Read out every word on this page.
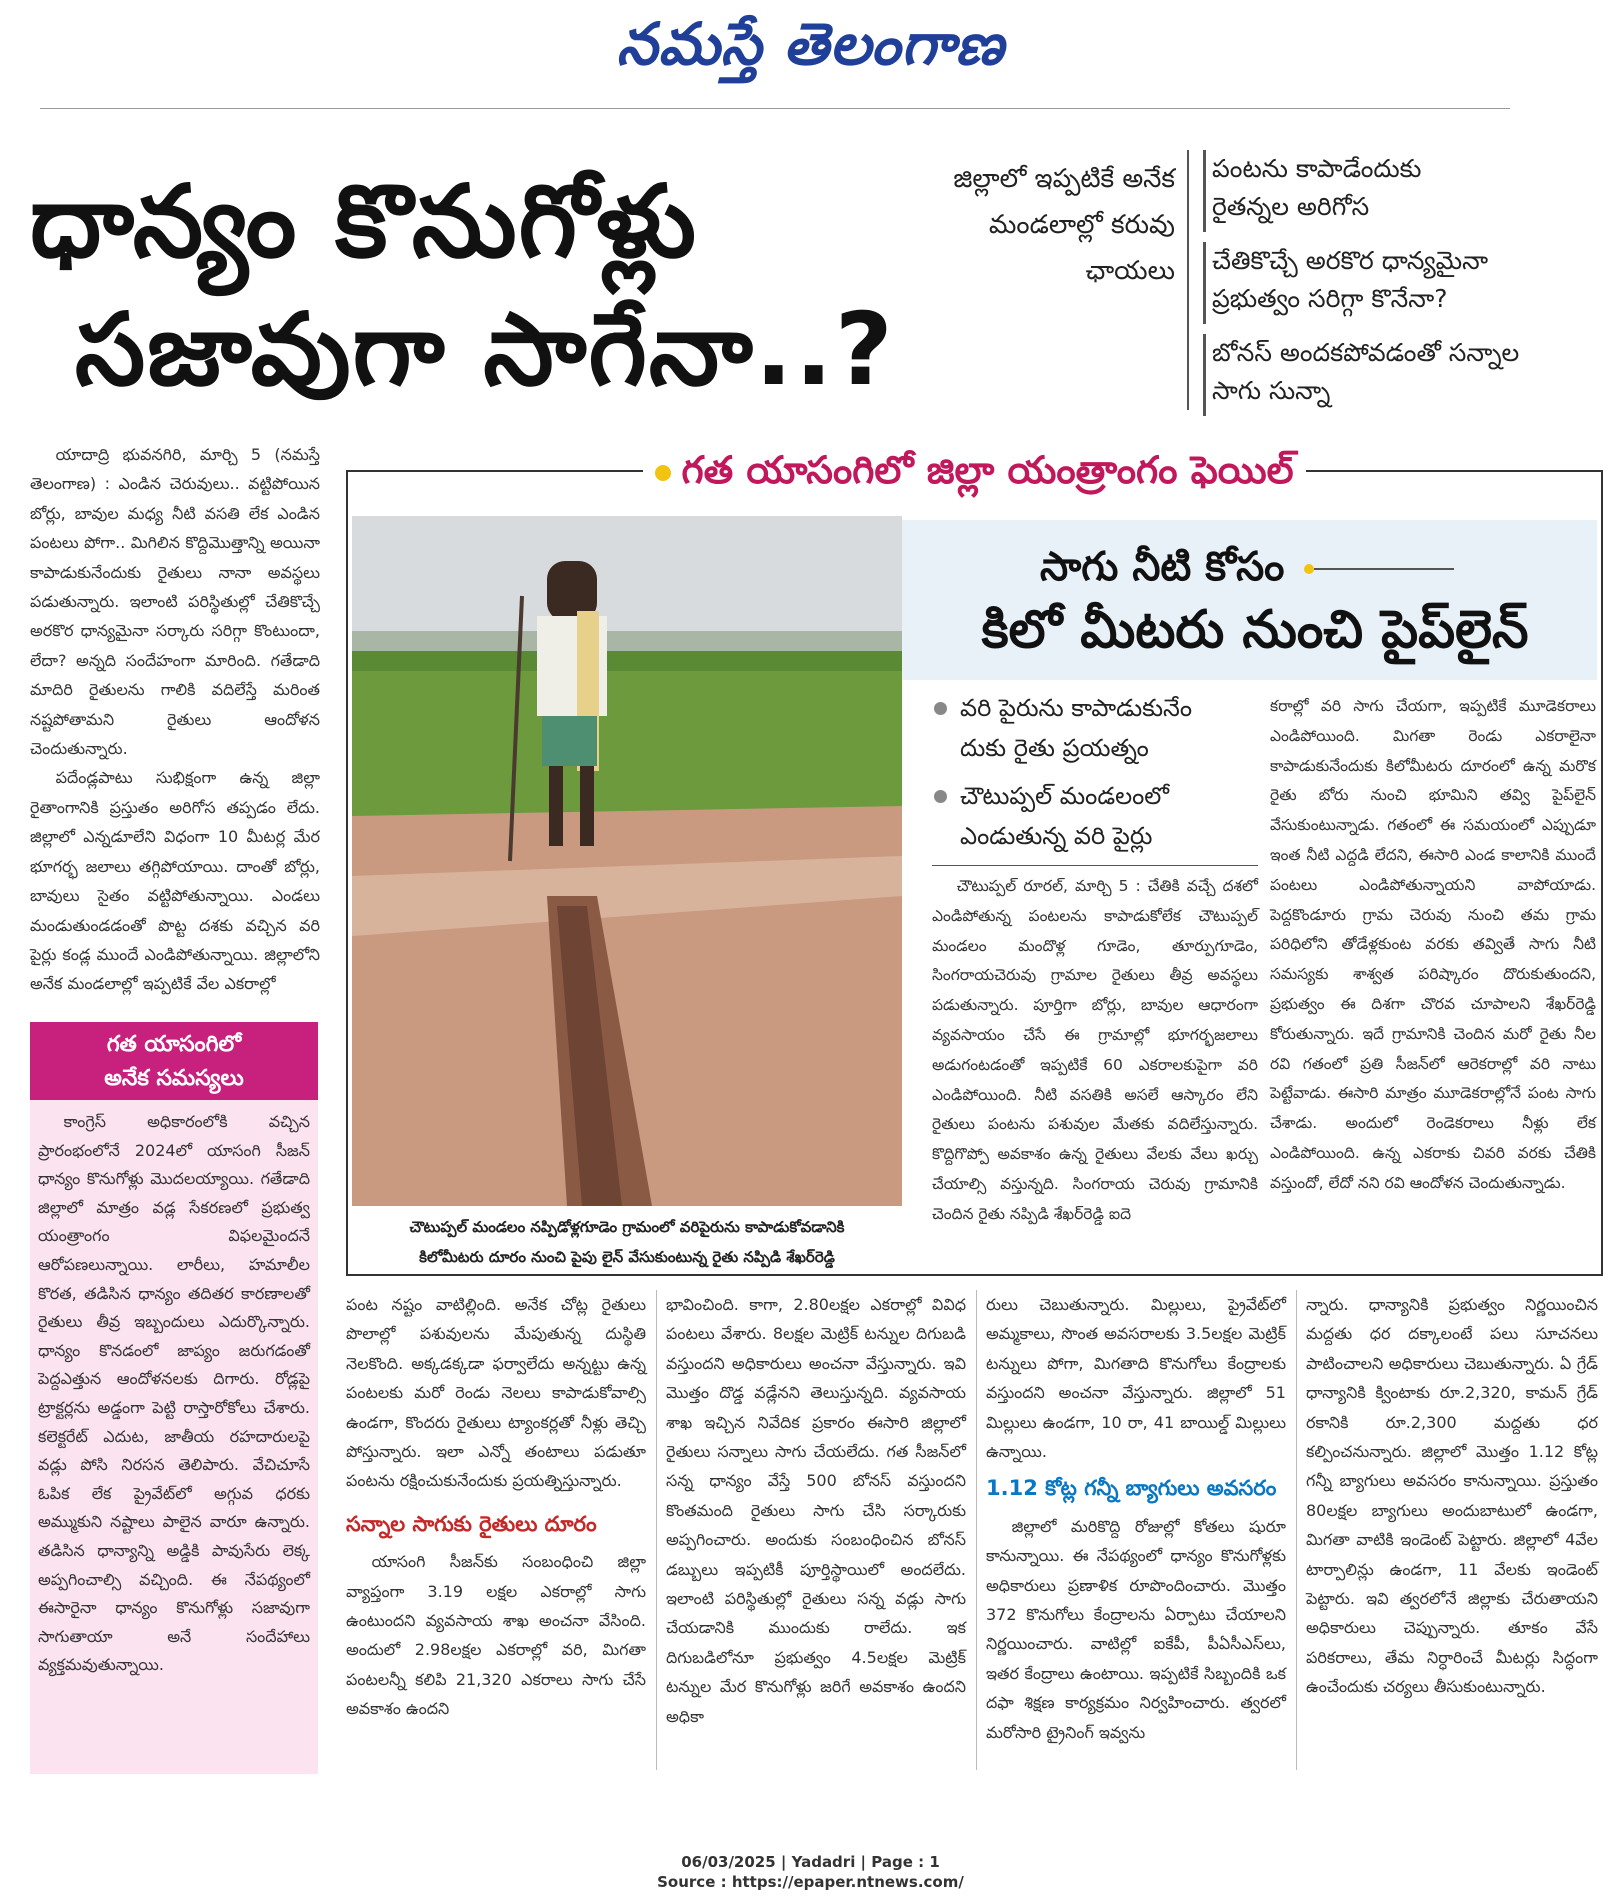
నమస్తే తెలంగాణ
ధాన్యం కొనుగోళ్లు
సజావుగా సాగేనా..?
జిల్లాలో ఇప్పటికే అనేక
మండలాల్లో కరువు
ఛాయలు
పంటను కాపాడేందుకు
రైతన్నల అరిగోస
చేతికొచ్చే అరకొర ధాన్యమైనా
ప్రభుత్వం సరిగ్గా కొనేనా?
బోనస్ అందకపోవడంతో సన్నాల
సాగు సున్నా

యాదాద్రి భువనగిరి, మార్చి 5 (నమస్తే తెలంగాణ) : ఎండిన చెరువులు.. వట్టిపోయిన బోర్లు, బావుల మధ్య నీటి వసతి లేక ఎండిన పంటలు పోగా.. మిగిలిన కొద్దిమొత్తాన్ని అయినా కాపాడుకునేందుకు రైతులు నానా అవస్థలు పడుతున్నారు. ఇలాంటి పరిస్థితుల్లో చేతికొచ్చే అరకొర ధాన్యమైనా సర్కారు సరిగ్గా కొంటుందా, లేదా? అన్నది సందేహంగా మారింది. గతేడాది మాదిరి రైతులను గాలికి వదిలేస్తే మరింత నష్టపోతామని రైతులు ఆందోళన చెందుతున్నారు.

పదేండ్లపాటు సుభిక్షంగా ఉన్న జిల్లా రైతాంగానికి ప్రస్తుతం అరిగోస తప్పడం లేదు. జిల్లాలో ఎన్నడూలేని విధంగా 10 మీటర్ల మేర భూగర్భ జలాలు తగ్గిపోయాయి. దాంతో బోర్లు, బావులు సైతం వట్టిపోతున్నాయి. ఎండలు మండుతుండడంతో పొట్ట దశకు వచ్చిన వరి పైర్లు కండ్ల ముందే ఎండిపోతున్నాయి. జిల్లాలోని అనేక మండలాల్లో ఇప్పటికే వేల ఎకరాల్లో

గత యాసంగిలో
అనేక సమస్యలు

కాంగ్రెస్ అధికారంలోకి వచ్చిన ప్రారంభంలోనే 2024లో యాసంగి సీజన్ ధాన్యం కొనుగోళ్లు మొదలయ్యాయి. గతేడాది జిల్లాలో మాత్రం వడ్ల సేకరణలో ప్రభుత్వ యంత్రాంగం విఫలమైందనే ఆరోపణలున్నాయి. లారీలు, హమాలీల కొరత, తడిసిన ధాన్యం తదితర కారణాలతో రైతులు తీవ్ర ఇబ్బందులు ఎదుర్కొన్నారు. ధాన్యం కొనడంలో జాప్యం జరుగడంతో పెద్దఎత్తున ఆందోళనలకు దిగారు. రోడ్లపై ట్రాక్టర్లను అడ్డంగా పెట్టి రాస్తారోకోలు చేశారు. కలెక్టరేట్ ఎదుట, జాతీయ రహదారులపై వడ్లు పోసి నిరసన తెలిపారు. వేచిచూసే ఓపిక లేక ప్రైవేట్‌లో అగ్గువ ధరకు అమ్ముకుని నష్టాలు పాలైన వారూ ఉన్నారు. తడిసిన ధాన్యాన్ని అడ్డికి పావుసేరు లెక్క అప్పగించాల్సి వచ్చింది. ఈ నేపథ్యంలో ఈసారైనా ధాన్యం కొనుగోళ్లు సజావుగా సాగుతాయా అనే సందేహాలు వ్యక్తమవుతున్నాయి.

గత యాసంగిలో జిల్లా యంత్రాంగం ఫెయిల్
చౌటుప్పల్ మండలం నప్పిడోళ్లగూడెం గ్రామంలో వరిపైరును కాపాడుకోవడానికి
కిలోమీటరు దూరం నుంచి పైపు లైన్ వేసుకుంటున్న రైతు నప్పిడి శేఖర్‌రెడ్డి
సాగు నీటి కోసం
కిలో మీటరు నుంచి పైప్‌లైన్
వరి పైరును కాపాడుకునేం
దుకు రైతు ప్రయత్నం
చౌటుప్పల్ మండలంలో
ఎండుతున్న వరి పైర్లు

చౌటుప్పల్ రూరల్, మార్చి 5 : చేతికి వచ్చే దశలో ఎండిపోతున్న పంటలను కాపాడుకోలేక చౌటుప్పల్ మండలం మందొళ్ల గూడెం, తూర్పుగూడెం, సింగరాయచెరువు గ్రామాల రైతులు తీవ్ర అవస్థలు పడుతున్నారు. పూర్తిగా బోర్లు, బావుల ఆధారంగా వ్యవసాయం చేసే ఈ గ్రామాల్లో భూగర్భజలాలు అడుగంటడంతో ఇప్పటికే 60 ఎకరాలకుపైగా వరి ఎండిపోయింది. నీటి వసతికి అసలే ఆస్కారం లేని రైతులు పంటను పశువుల మేతకు వదిలేస్తున్నారు. కొద్దిగొప్పో అవకాశం ఉన్న రైతులు వేలకు వేలు ఖర్చు చేయాల్సి వస్తున్నది. సింగరాయ చెరువు గ్రామానికి చెందిన రైతు నప్పిడి శేఖర్‌రెడ్డి ఐదె

కరాల్లో వరి సాగు చేయగా, ఇప్పటికే మూడెకరాలు ఎండిపోయింది. మిగతా రెండు ఎకరాలైనా కాపాడుకునేందుకు కిలోమీటరు దూరంలో ఉన్న మరొక రైతు బోరు నుంచి భూమిని తవ్వి పైప్‌లైన్ వేసుకుంటున్నాడు. గతంలో ఈ సమయంలో ఎప్పుడూ ఇంత నీటి ఎద్దడి లేదని, ఈసారి ఎండ కాలానికి ముందే పంటలు ఎండిపోతున్నాయని వాపోయాడు. పెద్దకొండూరు గ్రామ చెరువు నుంచి తమ గ్రామ పరిధిలోని తోడేళ్లకుంట వరకు తవ్వితే సాగు నీటి సమస్యకు శాశ్వత పరిష్కారం దొరుకుతుందని, ప్రభుత్వం ఈ దిశగా చొరవ చూపాలని శేఖర్‌రెడ్డి కోరుతున్నారు. ఇదే గ్రామానికి చెందిన మరో రైతు నీల రవి గతంలో ప్రతి సీజన్‌లో ఆరెకరాల్లో వరి నాటు పెట్టేవాడు. ఈసారి మాత్రం మూడెకరాల్లోనే పంట సాగు చేశాడు. అందులో రెండెకరాలు నీళ్లు లేక ఎండిపోయింది. ఉన్న ఎకరాకు చివరి వరకు చేతికి వస్తుందో, లేదో నని రవి ఆందోళన చెందుతున్నాడు.

పంట నష్టం వాటిల్లింది. అనేక చోట్ల రైతులు పొలాల్లో పశువులను మేపుతున్న దుస్థితి నెలకొంది. అక్కడక్కడా ఫర్వాలేదు అన్నట్టు ఉన్న పంటలకు మరో రెండు నెలలు కాపాడుకోవాల్సి ఉండగా, కొందరు రైతులు ట్యాంకర్లతో నీళ్లు తెచ్చి పోస్తున్నారు. ఇలా ఎన్నో తంటాలు పడుతూ పంటను రక్షించుకునేందుకు ప్రయత్నిస్తున్నారు.

సన్నాల సాగుకు రైతులు దూరం

యాసంగి సీజన్‌కు సంబంధించి జిల్లా వ్యాప్తంగా 3.19 లక్షల ఎకరాల్లో సాగు ఉంటుందని వ్యవసాయ శాఖ అంచనా వేసింది. అందులో 2.98లక్షల ఎకరాల్లో వరి, మిగతా పంటలన్నీ కలిపి 21,320 ఎకరాలు సాగు చేసే అవకాశం ఉందని

భావించింది. కాగా, 2.80లక్షల ఎకరాల్లో వివిధ పంటలు వేశారు. 8లక్షల మెట్రిక్ టన్నుల దిగుబడి వస్తుందని అధికారులు అంచనా వేస్తున్నారు. ఇవి మొత్తం దొడ్డ వడ్లేనని తెలుస్తున్నది. వ్యవసాయ శాఖ ఇచ్చిన నివేదిక ప్రకారం ఈసారి జిల్లాలో రైతులు సన్నాలు సాగు చేయలేదు. గత సీజన్‌లో సన్న ధాన్యం వేస్తే 500 బోనస్ వస్తుందని కొంతమంది రైతులు సాగు చేసి సర్కారుకు అప్పగించారు. అందుకు సంబంధించిన బోనస్ డబ్బులు ఇప్పటికీ పూర్తిస్థాయిలో అందలేదు. ఇలాంటి పరిస్థితుల్లో రైతులు సన్న వడ్లు సాగు చేయడానికి ముందుకు రాలేదు. ఇక దిగుబడిలోనూ ప్రభుత్వం 4.5లక్షల మెట్రిక్ టన్నుల మేర కొనుగోళ్లు జరిగే అవకాశం ఉందని అధికా

రులు చెబుతున్నారు. మిల్లులు, ప్రైవేట్‌లో అమ్మకాలు, సొంత అవసరాలకు 3.5లక్షల మెట్రిక్ టన్నులు పోగా, మిగతాది కొనుగోలు కేంద్రాలకు వస్తుందని అంచనా వేస్తున్నారు. జిల్లాలో 51 మిల్లులు ఉండగా, 10 రా, 41 బాయిల్డ్ మిల్లులు ఉన్నాయి.

1.12 కోట్ల గన్నీ బ్యాగులు అవసరం

జిల్లాలో మరికొద్ది రోజుల్లో కోతలు షురూ కానున్నాయి. ఈ నేపథ్యంలో ధాన్యం కొనుగోళ్లకు అధికారులు ప్రణాళిక రూపొందించారు. మొత్తం 372 కొనుగోలు కేంద్రాలను ఏర్పాటు చేయాలని నిర్ణయించారు. వాటిల్లో ఐకేపీ, పీఏసీఎస్‌లు, ఇతర కేంద్రాలు ఉంటాయి. ఇప్పటికే సిబ్బందికి ఒక దఫా శిక్షణ కార్యక్రమం నిర్వహించారు. త్వరలో మరోసారి ట్రైనింగ్ ఇవ్వను

న్నారు. ధాన్యానికి ప్రభుత్వం నిర్ణయించిన మద్దతు ధర దక్కాలంటే పలు సూచనలు పాటించాలని అధికారులు చెబుతున్నారు. ఏ గ్రేడ్ ధాన్యానికి క్వింటాకు రూ.2,320, కామన్ గ్రేడ్ రకానికి రూ.2,300 మద్దతు ధర కల్పించనున్నారు. జిల్లాలో మొత్తం 1.12 కోట్ల గన్నీ బ్యాగులు అవసరం కానున్నాయి. ప్రస్తుతం 80లక్షల బ్యాగులు అందుబాటులో ఉండగా, మిగతా వాటికి ఇండెంట్ పెట్టారు. జిల్లాలో 4వేల టార్పాలిన్లు ఉండగా, 11 వేలకు ఇండెంట్ పెట్టారు. ఇవి త్వరలోనే జిల్లాకు చేరుతాయని అధికారులు చెప్పున్నారు. తూకం వేసే పరికరాలు, తేమ నిర్ధారించే మీటర్లు సిద్ధంగా ఉంచేందుకు చర్యలు తీసుకుంటున్నారు.

06/03/2025 | Yadadri | Page : 1
Source : https://epaper.ntnews.com/
